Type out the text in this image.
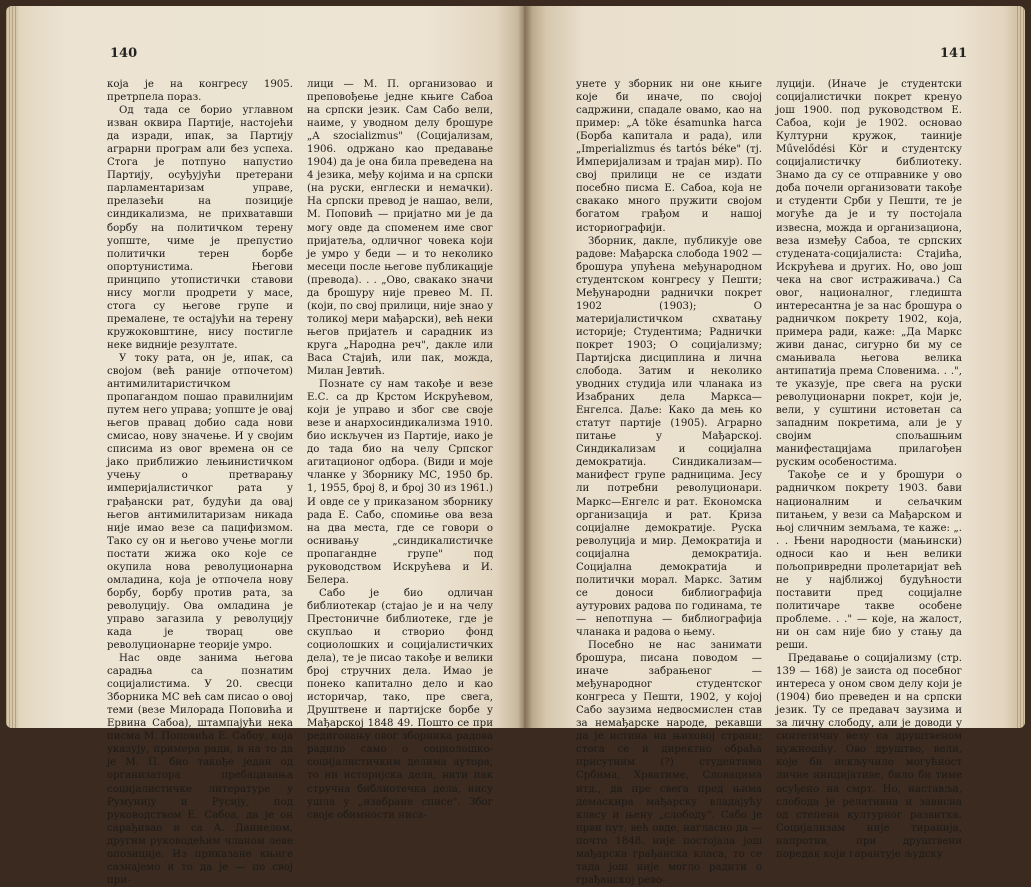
140

која је на конгресу 1905. претрпела пораз.

Од тада се борио углавном изван оквира Партије, настојећи да изради, ипак, за Партију аграрни програм али без успеха. Стога је потпуно напустио Партију, осуђујући претерани парламентаризам управе, прелазећи на позиције синдикализма, не прихватавши борбу на политичком терену уопште, чиме је препустио политички терен борбе опортунистима. Његови принципо утопистички ставови нису могли продрети у масе, стога су његове групе и премалене, те остајући на терену кружоковштине, нису постигле неке видније резултате.

У току рата, он је, ипак, са својом (већ раније отпочетом) антимилитаристичком пропагандом пошао правилнијим путем него управа; уопште је овај његов правац добио сада нови смисао, нову значење. И у својим списима из овог времена он се јако приближио лењинистичком учењу о претварању империјалистичког рата у грађански рат, будући да овај његов антимилитаризам никада није имао везе са пацифизмом. Тако су он и његово учење могли постати жижа око које се окупила нова револуционарна омладина, која је отпочела нову борбу, борбу против рата, за револуцију. Ова омладина је управо загазила у револуцију када је творац ове револуционарне теорије умро.

Нас овде занима његова сарадња са познатим социјалистима. У 20. свесци Зборника МС већ сам писао о овој теми (везе Милорада Поповића и Ервина Сабоа), штампајући нека писма М. Поповића Е. Сабоу, која указују, примера ради, и на то да је М. П. био такође један од организатора пребацивања социјалистичке литературе у Румунију и Русију, под руководством Е. Сабоа, да је он сарађивао и са А. Даниелом, другим руководећим чланом леве опозиције. Из приказане књиге сазнајемо и то да је — по свој при-

лици — М. П. организовао и преповођење једне књиге Сабоа на српски језик. Сам Сабо вели, наиме, у уводном делу брошуре „A szocializmus" (Социјализам, 1906. одржано као предавање 1904) да је она била преведена на 4 језика, међу којима и на српски (на руски, енглески и немачки). На српски превод је нашао, вели, М. Поповић — пријатно ми је да могу овде да споменем име свог пријатеља, одличног човека који је умро у беди — и то неколико месеци после његове публикације (превода). . . „Ово, свакако значи да брошуру није превео М. П. (који, по свој прилици, није знао у толикој мери мађарски), већ неки његов пријатељ и сарадник из круга „Народна реч", дакле или Васа Стајић, или пак, можда, Милан Јевтић.

Познате су нам такође и везе Е.С. са др Крстом Искрућевом, који је управо и због све своје везе и анархосиндикализма 1910. био искључен из Партије, иако је до тада био на челу Српског агитационог одбора. (Види и моје чланке у Зборнику МС, 1950 бр. 1, 1955, број 8, и број 30 из 1961.) И овде се у приказаном зборнику рада Е. Сабо, спомиње ова веза на два места, где се говори о оснивању „синдикалистичке пропагандне групе" под руководством Искрућева и И. Белера.

Сабо је био одличан библиотекар (стајао је и на челу Престоничне библиотеке, где је скупљао и створио фонд социолошких и социјалистичких дела), те је писао такође и велики број стручних дела. Имао је понеко капитално дело и као историчар, тако, пре свега, Друштвене и партијске борбе у Мађарској 1848 49. Пошто се при редиговању овог зборника радова радило само о социолошко-социјалистичким делима аутора, то ни историјска дела, нити пак стручна библиотечка дела, нису ушла у „изабране списе". Због своје обимности ниса-

141

унете у зборник ни оне књиге које би иначе, по својој садржини, спадале овамо, као на пример: „A töke ésamunka harca (Борба капитала и рада), или „Imperializmus és tartós béke" (тј. Империјализам и трајан мир). По свој прилици не се издати посебно писма Е. Сабоа, која не свакако много пружити својом богатом грађом и нашој историографији.

Зборник, дакле, публикује ове радове: Мађарска слобода 1902 — брошура упућена међународном студентском конгресу у Пешти; Међународни раднички покрет 1902 (1903); О материјалистичком схватању историје; Студентима; Раднички покрет 1903; О социјализму; Партијска дисциплина и лична слобода. Затим и неколико уводних студија или чланака из Изабраних дела Маркса—Енгелса. Даље: Како да мењ ко статут партије (1905). Аграрно питање у Мађарској. Синдикализам и социјална демократија. Синдикализам—манифест групе радницима. Јесу ли потребни револуционари. Маркс—Енгелс и рат. Економска организација и рат. Криза социјалне демократије. Руска револуција и мир. Демократија и социјална демократија. Социјална демократија и политички морал. Маркс. Затим се доноси библиографија аутурових радова по годинама, те — непотпуна — библиографија чланака и радова о њему.

Посебно не нас занимати брошура, писана поводом — иначе забрањеног — међународног студентског конгреса у Пешти, 1902, у којој Сабо заузима недвосмислен став за немађарске народе, рекавши да је истина на њиховој страни; стога се и директно обраћа присутним (?) студентима Србима, Хрватиме, Словацима итд., да пре свега пред њима демаскира мађарску владајућу класу и њену „слободу". Сабо је први пут, већ овде, нагласио да — почто 1848. није постојала још мађарска грађанска класа, то се тада још није могло радити о грађанској рево-

луцији. (Иначе је студентски социјалистички покрет кренуо још 1900. под руководством Е. Сабоа, који је 1902. основао Културни кружок, таиније Művelődési Kör и студентску социјалистичку библиотеку. Знамо да су се отправнике у ово доба почели организовати такође и студенти Срби у Пешти, те је могуће да је и ту постојала извесна, можда и организациона, веза између Сабоа, те српских студената-социјалиста: Стајића, Искрућева и других. Но, ово још чека на свог истраживача.) Са овог, националног, гледишта интересантна је за нас брошура о радничком покрету 1902, која, примера ради, каже: „Да Маркс живи данас, сигурно би му се смањивала његова велика антипатија према Словенима. . .", те указује, пре свега на руски револуционарни покрет, који је, вели, у суштини истоветан са западним покретима, али је у својим спољашњим манифестацијама прилагођен руским особеностима.

Такође се и у брошури о радничком покрету 1903. бави националним и сељачким питањем, у вези са Мађарском и њој сличним земљама, те каже: „. . . Њени народности (мањински) односи као и њен велики пољопривредни пролетаријат већ не у најближој будућности поставити пред социјалне политичаре такве особене проблеме. . ." — које, на жалост, ни он сам није био у стању да реши.

Предавање о социјализму (стр. 139 — 168) је заиста од посебног интереса у оном свом делу који је (1904) био преведен и на српски језик. Ту се предавач заузима и за личну слободу, али је доводи у синтетичну везу са друштвеном нужношћу. Ово друштво, вели, које би искључило могућност личне иницијативе, било би тиме осуђено на смрт. Но, наставља, слобода је релативна и зависна од степена културног развитка. Социјализам није тиранија, напротив, при друштвени поредак који гарантује људску
